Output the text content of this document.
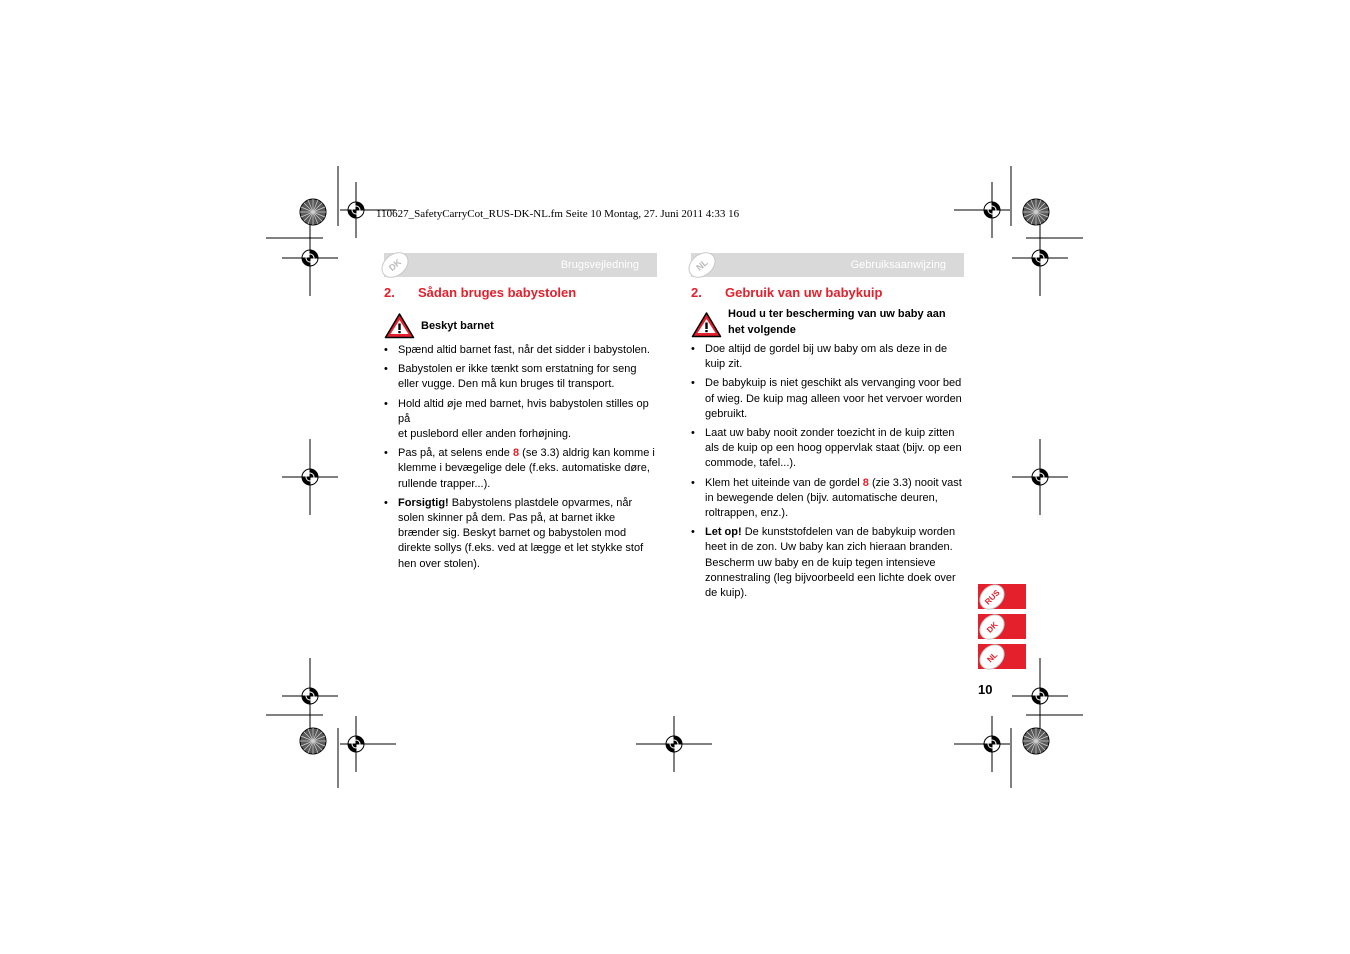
110627_SafetyCarryCot_RUS-DK-NL.fm Seite 10 Montag, 27. Juni 2011 4:33 16
DK	Brugsvejledning
2. Sådan bruges babystolen
Beskyt barnet
• Spænd altid barnet fast, når det sidder i babystolen.
• Babystolen er ikke tænkt som erstatning for seng eller vugge. Den må kun bruges til transport.
• Hold altid øje med barnet, hvis babystolen stilles op på
et puslebord eller anden forhøjning.
• Pas på, at selens ende 8 (se 3.3) aldrig kan komme i klemme i bevægelige dele (f.eks. automatiske døre, rullende trapper...).
• Forsigtig! Babystolens plastdele opvarmes, når solen skinner på dem. Pas på, at barnet ikke brænder sig. Beskyt barnet og babystolen mod direkte sollys (f.eks. ved at lægge et let stykke stof hen over stolen).
NL	Gebruiksaanwijzing
2. Gebruik van uw babykuip
Houd u ter bescherming van uw baby aan
het volgende
• Doe altijd de gordel bij uw baby om als deze in de kuip zit.
• De babykuip is niet geschikt als vervanging voor bed of wieg. De kuip mag alleen voor het vervoer worden gebruikt.
• Laat uw baby nooit zonder toezicht in de kuip zitten als de kuip op een hoog oppervlak staat (bijv. op een commode, tafel...).
• Klem het uiteinde van de gordel 8 (zie 3.3) nooit vast in bewegende delen (bijv. automatische deuren, roltrappen, enz.).
• Let op! De kunststofdelen van de babykuip worden heet in de zon. Uw baby kan zich hieraan branden. Bescherm uw baby en de kuip tegen intensieve zonnestraling (leg bijvoorbeeld een lichte doek over de kuip).	RUS
DK
NL
10
